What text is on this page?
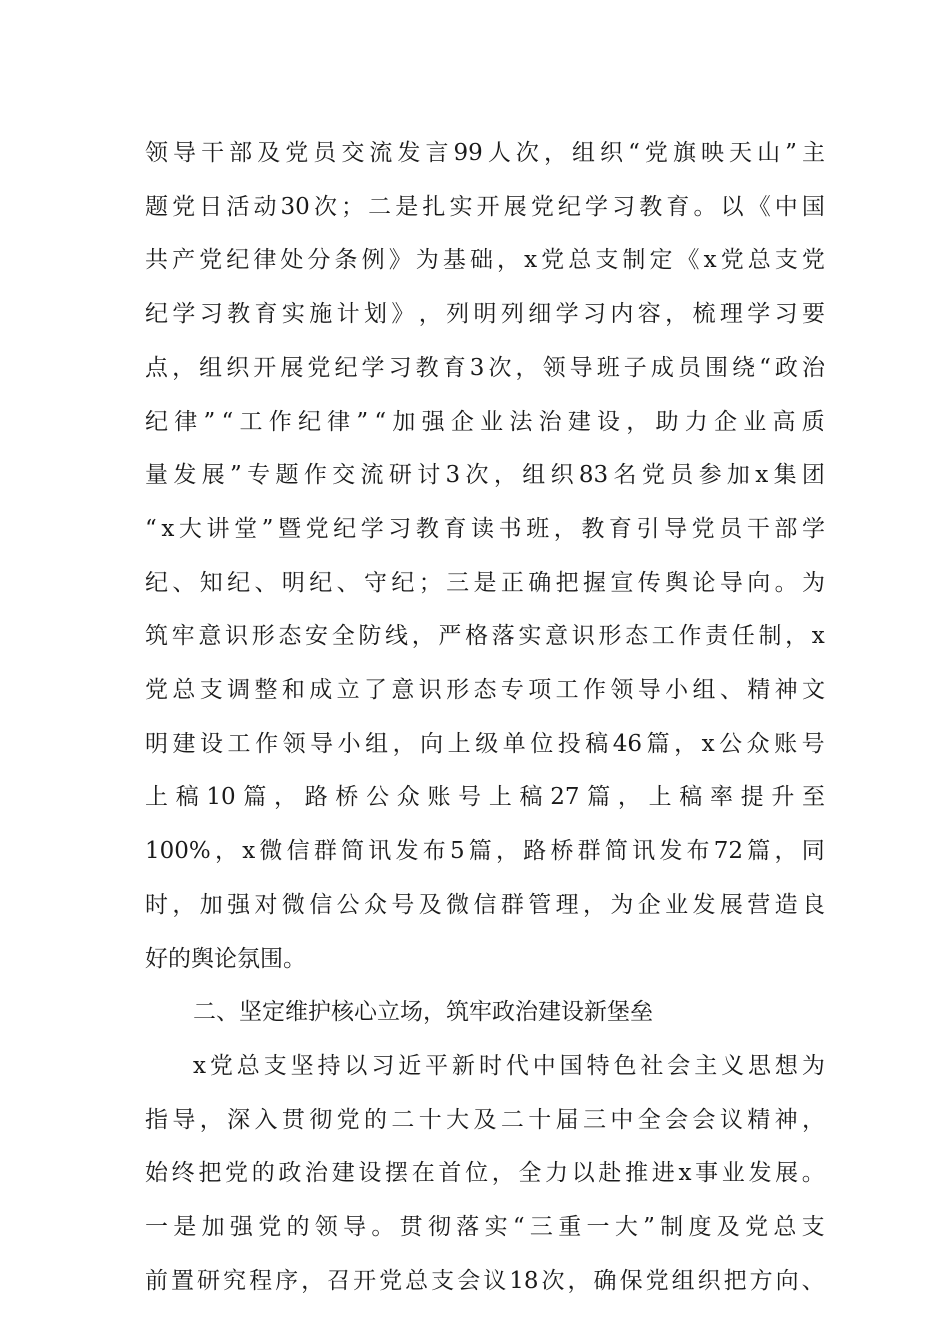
领 导 干 部 及 党 员 交 流 发 言 99 人 次 ， 组 织 “ 党 旗 映 天 山 ” 主
题 党 日 活 动 30 次 ； 二 是 扎 实 开 展 党 纪 学 习 教 育 。 以 《 中 国
共 产 党 纪 律 处 分 条 例 》 为 基 础 ， x 党 总 支 制 定 《 x 党 总 支 党
纪 学 习 教 育 实 施 计 划 》 ， 列 明 列 细 学 习 内 容 ， 梳 理 学 习 要
点 ， 组 织 开 展 党 纪 学 习 教 育 3 次 ， 领 导 班 子 成 员 围 绕 “ 政 治
纪 律 ” “ 工 作 纪 律 ” “ 加 强 企 业 法 治 建 设 ， 助 力 企 业 高 质
量 发 展 ” 专 题 作 交 流 研 讨 3 次 ， 组 织 83 名 党 员 参 加 x 集 团
“ x 大 讲 堂 ” 暨 党 纪 学 习 教 育 读 书 班 ， 教 育 引 导 党 员 干 部 学
纪 、 知 纪 、 明 纪 、 守 纪 ； 三 是 正 确 把 握 宣 传 舆 论 导 向 。 为
筑 牢 意 识 形 态 安 全 防 线 ， 严 格 落 实 意 识 形 态 工 作 责 任 制 ， x
党 总 支 调 整 和 成 立 了 意 识 形 态 专 项 工 作 领 导 小 组 、 精 神 文
明 建 设 工 作 领 导 小 组 ， 向 上 级 单 位 投 稿 46 篇 ， x 公 众 账 号
上 稿 10 篇 ， 路 桥 公 众 账 号 上 稿 27 篇 ， 上 稿 率 提 升 至
100% ， x 微 信 群 简 讯 发 布 5 篇 ， 路 桥 群 简 讯 发 布 72 篇 ， 同
时 ， 加 强 对 微 信 公 众 号 及 微 信 群 管 理 ， 为 企 业 发 展 营 造 良
好的舆论氛围。
二、坚定维护核心立场，筑牢政治建设新堡垒
x 党 总 支 坚 持 以 习 近 平 新 时 代 中 国 特 色 社 会 主 义 思 想 为
指 导 ， 深 入 贯 彻 党 的 二 十 大 及 二 十 届 三 中 全 会 会 议 精 神 ，
始 终 把 党 的 政 治 建 设 摆 在 首 位 ， 全 力 以 赴 推 进 x 事 业 发 展 。
一 是 加 强 党 的 领 导 。 贯 彻 落 实 “ 三 重 一 大 ” 制 度 及 党 总 支
前 置 研 究 程 序 ， 召 开 党 总 支 会 议 18 次 ， 确 保 党 组 织 把 方 向 、
